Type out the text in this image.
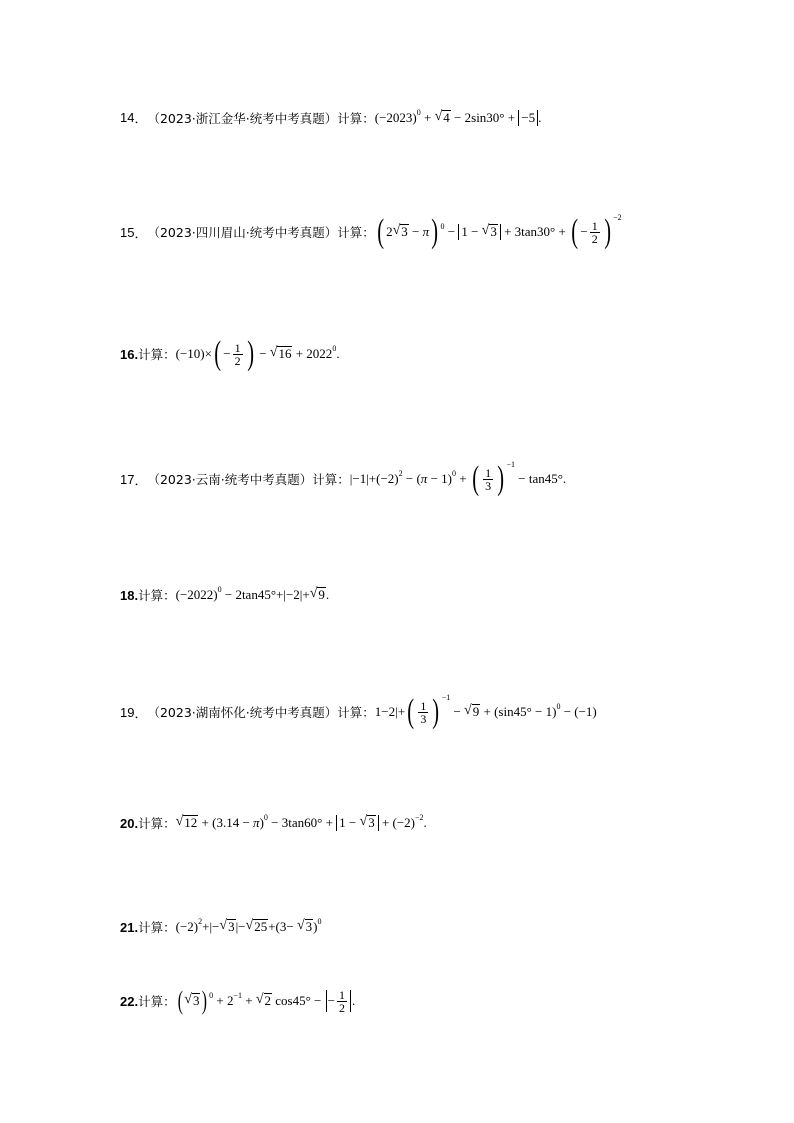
14 ． （2023·浙江金华·统考中考真题） 计算： $(-2023)^0$ + √ 4 − 2sin30° + −5 .
15 ． （2023·四川眉山·统考中考真题） 计算： ( 2 √ 3 − π ) $^0$ − 1 − √ 3 + 3tan30° + ( − $\frac{1}{2}$ ) $^{-2}$
16 . 计算： (−10)× ( − $\frac{1}{2}$ ) − √ $16 + 2022^0$ .
17 ． （2023·云南·统考中考真题） 计算： $|-1|+(-2)^2$ − ( π − 1)$^0$ + ( $\frac{1}{3}$ ) $^{-1}$
− tan45° .
18 . 计算： $(-2022)^0 - 2\tan 45^\circ+|-2|+$ √ 9 .
19 ． （2023·湖南怀化·统考中考真题） 计算： 1−2|+ ( $\frac{1}{3}$ ) $^{-1}$
− √ $9 + (\sin 45^\circ - 1)^0 - (-1)$
20 . 计算： √ 12 + (3.14 − π )$^0$ − 3tan60° + 1 − √ $3 + (-2)^{-2}$ .
21 . 计算： $(-2)^2$ +|− √ 3 |− √ 25 +(3− √ 3 )$^0$
22 . 计算： ( √ 3 )$^0 + 2^{-1}$ + √ 2 cos45° −
− $\frac{1}{2}$ .
